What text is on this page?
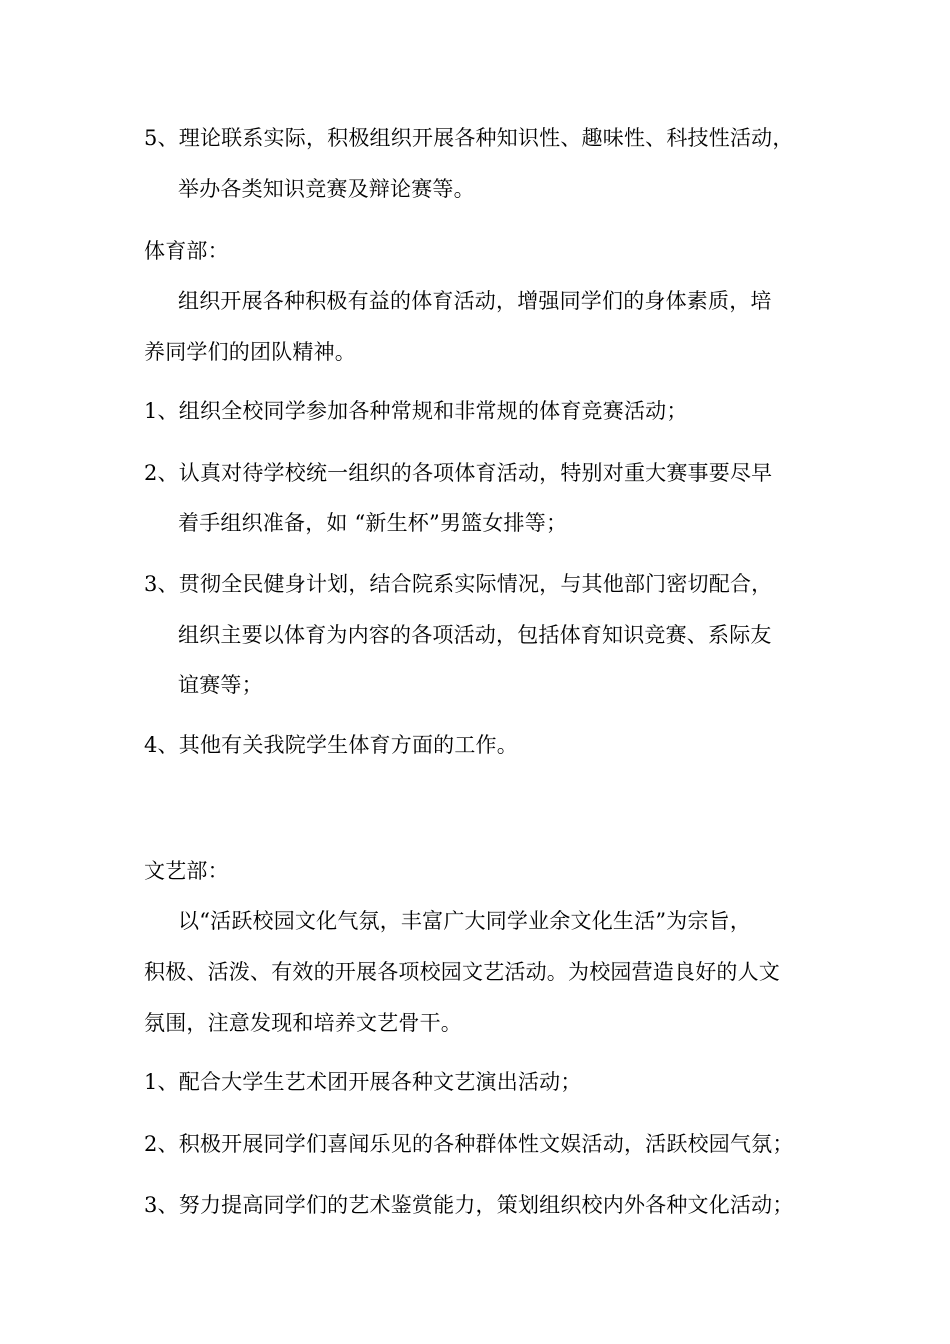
5、理论联系实际，积极组织开展各种知识性、趣味性、科技性活动，
举办各类知识竞赛及辩论赛等。
体育部：
组织开展各种积极有益的体育活动，增强同学们的身体素质，培
养同学们的团队精神。
1、组织全校同学参加各种常规和非常规的体育竞赛活动；
2、认真对待学校统一组织的各项体育活动，特别对重大赛事要尽早
着手组织准备，如 “新生杯”男篮女排等；
3、贯彻全民健身计划，结合院系实际情况，与其他部门密切配合，
组织主要以体育为内容的各项活动，包括体育知识竞赛、系际友
谊赛等；
4、其他有关我院学生体育方面的工作。
文艺部：
以“活跃校园文化气氛，丰富广大同学业余文化生活”为宗旨，
积极、活泼、有效的开展各项校园文艺活动。为校园营造良好的人文
氛围，注意发现和培养文艺骨干。
1、配合大学生艺术团开展各种文艺演出活动；
2、积极开展同学们喜闻乐见的各种群体性文娱活动，活跃校园气氛；
3、努力提高同学们的艺术鉴赏能力，策划组织校内外各种文化活动；
